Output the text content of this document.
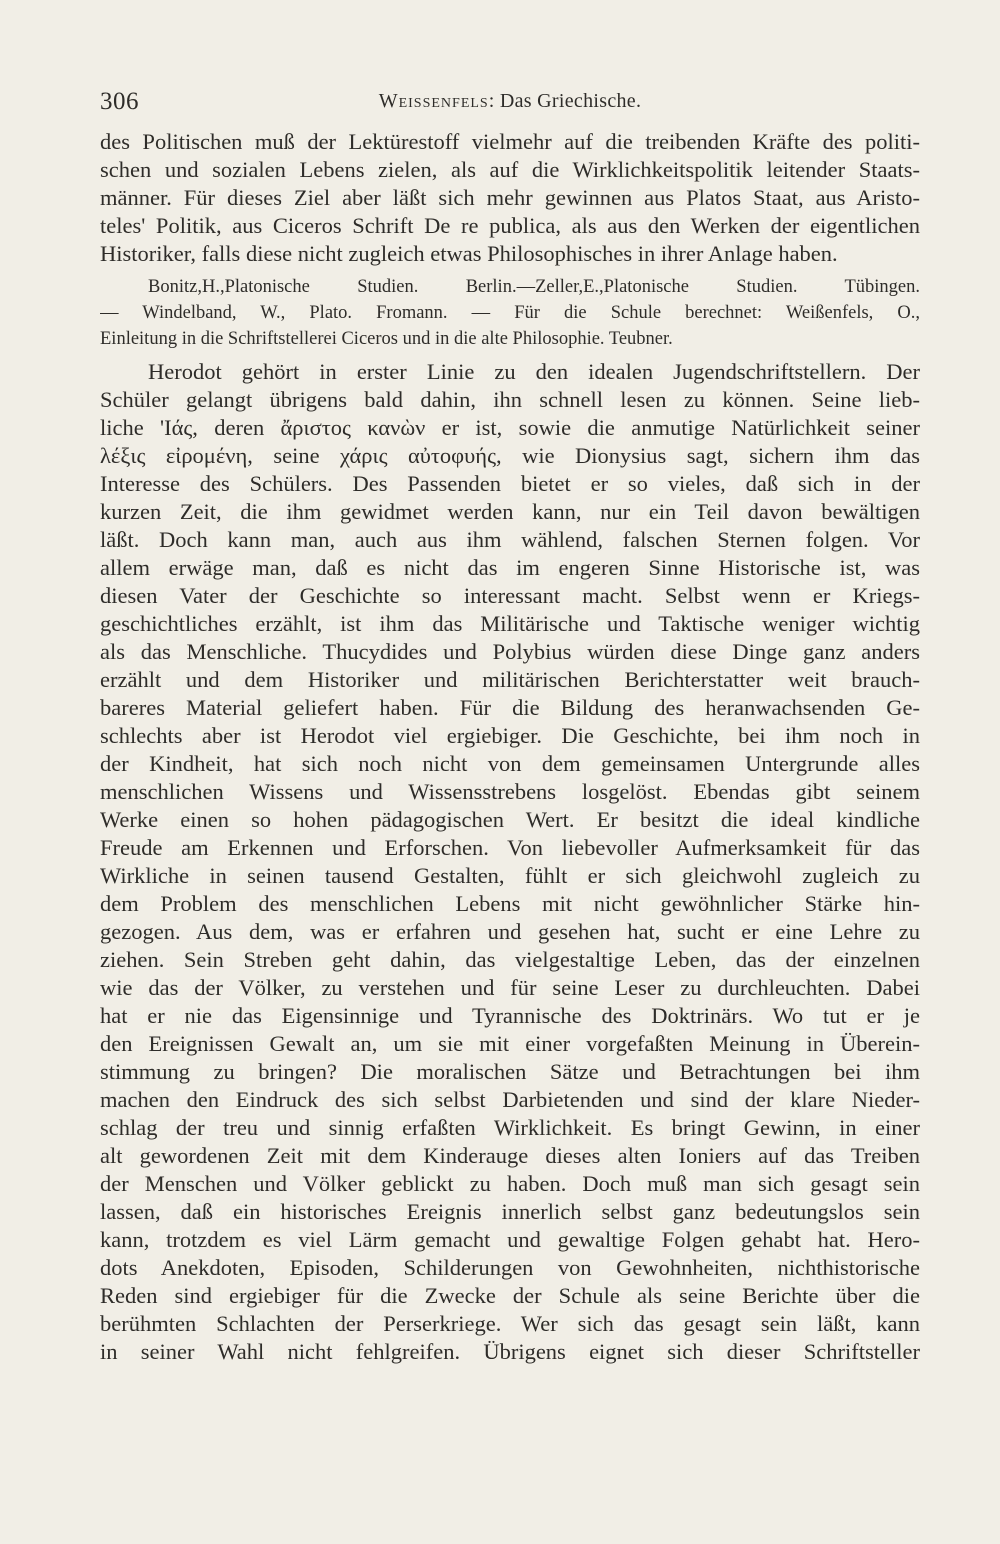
306	Weissenfels: Das Griechische.
des Politischen muß der Lektürestoff vielmehr auf die treibenden Kräfte des politi-
schen und sozialen Lebens zielen, als auf die Wirklichkeitspolitik leitender Staats-
männer. Für dieses Ziel aber läßt sich mehr gewinnen aus Platos Staat, aus Aristo-
teles' Politik, aus Ciceros Schrift De re publica, als aus den Werken der eigentlichen
Historiker, falls diese nicht zugleich etwas Philosophisches in ihrer Anlage haben.
Bonitz,H.,Platonische Studien. Berlin.—Zeller,E.,Platonische Studien. Tübingen.
— Windelband, W., Plato. Fromann. — Für die Schule berechnet: Weißenfels, O.,
Einleitung in die Schriftstellerei Ciceros und in die alte Philosophie. Teubner.
Herodot gehört in erster Linie zu den idealen Jugendschriftstellern. Der
Schüler gelangt übrigens bald dahin, ihn schnell lesen zu können. Seine lieb-
liche 'Ιάς, deren ἄριστος κανὼν er ist, sowie die anmutige Natürlichkeit seiner
λέξις εἰρομένη, seine χάρις αὐτοφυής, wie Dionysius sagt, sichern ihm das
Interesse des Schülers. Des Passenden bietet er so vieles, daß sich in der
kurzen Zeit, die ihm gewidmet werden kann, nur ein Teil davon bewältigen
läßt. Doch kann man, auch aus ihm wählend, falschen Sternen folgen. Vor
allem erwäge man, daß es nicht das im engeren Sinne Historische ist, was
diesen Vater der Geschichte so interessant macht. Selbst wenn er Kriegs-
geschichtliches erzählt, ist ihm das Militärische und Taktische weniger wichtig
als das Menschliche. Thucydides und Polybius würden diese Dinge ganz anders
erzählt und dem Historiker und militärischen Berichterstatter weit brauch-
bareres Material geliefert haben. Für die Bildung des heranwachsenden Ge-
schlechts aber ist Herodot viel ergiebiger. Die Geschichte, bei ihm noch in
der Kindheit, hat sich noch nicht von dem gemeinsamen Untergrunde alles
menschlichen Wissens und Wissensstrebens losgelöst. Ebendas gibt seinem
Werke einen so hohen pädagogischen Wert. Er besitzt die ideal kindliche
Freude am Erkennen und Erforschen. Von liebevoller Aufmerksamkeit für das
Wirkliche in seinen tausend Gestalten, fühlt er sich gleichwohl zugleich zu
dem Problem des menschlichen Lebens mit nicht gewöhnlicher Stärke hin-
gezogen. Aus dem, was er erfahren und gesehen hat, sucht er eine Lehre zu
ziehen. Sein Streben geht dahin, das vielgestaltige Leben, das der einzelnen
wie das der Völker, zu verstehen und für seine Leser zu durchleuchten. Dabei
hat er nie das Eigensinnige und Tyrannische des Doktrinärs. Wo tut er je
den Ereignissen Gewalt an, um sie mit einer vorgefaßten Meinung in Überein-
stimmung zu bringen? Die moralischen Sätze und Betrachtungen bei ihm
machen den Eindruck des sich selbst Darbietenden und sind der klare Nieder-
schlag der treu und sinnig erfaßten Wirklichkeit. Es bringt Gewinn, in einer
alt gewordenen Zeit mit dem Kinderauge dieses alten Ioniers auf das Treiben
der Menschen und Völker geblickt zu haben. Doch muß man sich gesagt sein
lassen, daß ein historisches Ereignis innerlich selbst ganz bedeutungslos sein
kann, trotzdem es viel Lärm gemacht und gewaltige Folgen gehabt hat. Hero-
dots Anekdoten, Episoden, Schilderungen von Gewohnheiten, nichthistorische
Reden sind ergiebiger für die Zwecke der Schule als seine Berichte über die
berühmten Schlachten der Perserkriege. Wer sich das gesagt sein läßt, kann
in seiner Wahl nicht fehlgreifen. Übrigens eignet sich dieser Schriftsteller
